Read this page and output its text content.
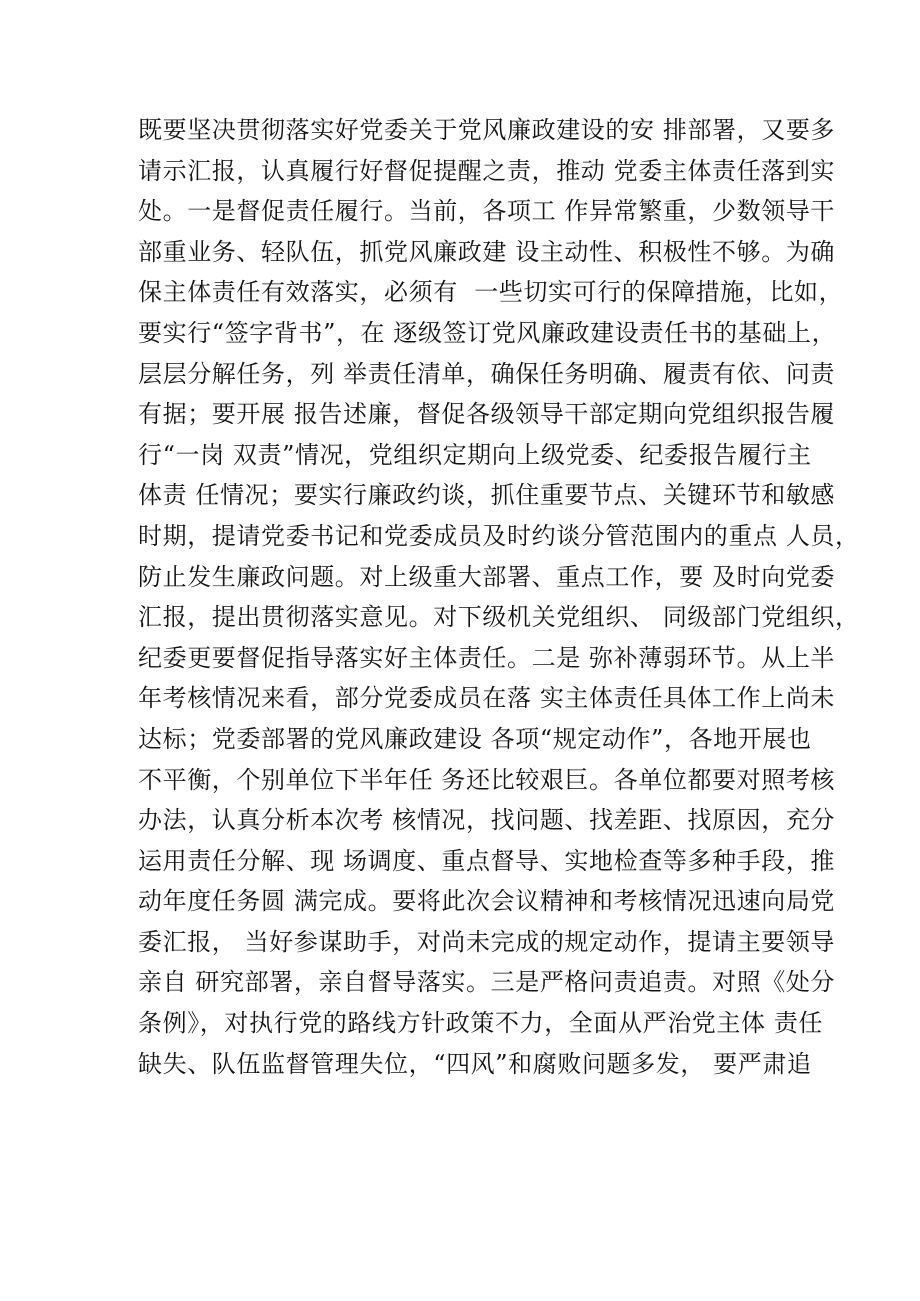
既要坚决贯彻落实好党委关于党风廉政建设的安 排部署，又要多
请示汇报，认真履行好督促提醒之责，推动 党委主体责任落到实
处。一是督促责任履行。当前，各项工 作异常繁重，少数领导干
部重业务、轻队伍，抓党风廉政建 设主动性、积极性不够。为确
保主体责任有效落实，必须有  一些切实可行的保障措施，比如，
要实行“签字背书”，在 逐级签订党风廉政建设责任书的基础上，
层层分解任务，列 举责任清单，确保任务明确、履责有依、问责
有据；要开展 报告述廉，督促各级领导干部定期向党组织报告履
行“一岗 双责”情况，党组织定期向上级党委、纪委报告履行主
体责 任情况；要实行廉政约谈，抓住重要节点、关键环节和敏感
时期，提请党委书记和党委成员及时约谈分管范围内的重点 人员，
防止发生廉政问题。对上级重大部署、重点工作，要 及时向党委
汇报，提出贯彻落实意见。对下级机关党组织、 同级部门党组织，
纪委更要督促指导落实好主体责任。二是 弥补薄弱环节。从上半
年考核情况来看，部分党委成员在落 实主体责任具体工作上尚未
达标；党委部署的党风廉政建设 各项“规定动作”，各地开展也
不平衡，个别单位下半年任 务还比较艰巨。各单位都要对照考核
办法，认真分析本次考 核情况，找问题、找差距、找原因，充分
运用责任分解、现 场调度、重点督导、实地检查等多种手段，推
动年度任务圆 满完成。要将此次会议精神和考核情况迅速向局党
委汇报， 当好参谋助手，对尚未完成的规定动作，提请主要领导
亲自 研究部署，亲自督导落实。三是严格问责追责。对照《处分
条例》，对执行党的路线方针政策不力，全面从严治党主体 责任
缺失、队伍监督管理失位，“四风”和腐败问题多发， 要严肃追
